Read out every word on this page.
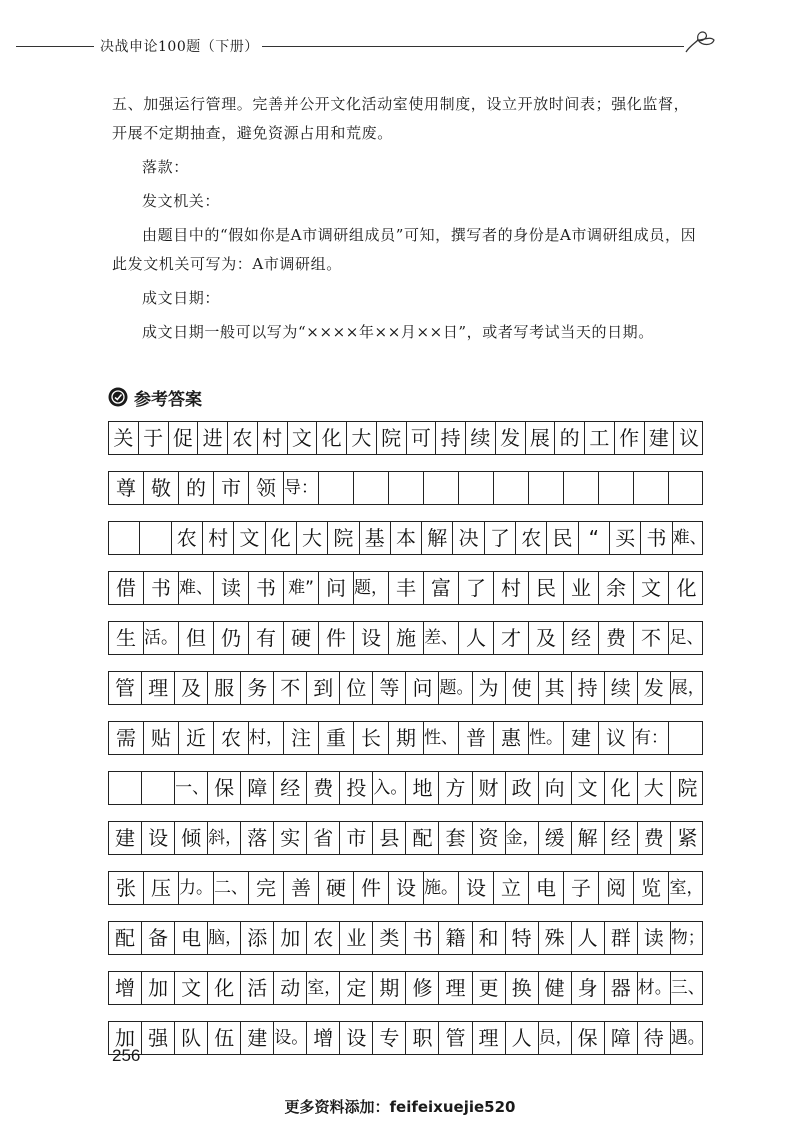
决战申论100题（下册）

五、加强运行管理。完善并公开文化活动室使用制度，设立开放时间表；强化监督，开展不定期抽查，避免资源占用和荒废。

落款：

发文机关：

由题目中的“假如你是A市调研组成员”可知，撰写者的身份是A市调研组成员，因此发文机关可写为：A市调研组。

成文日期：

成文日期一般可以写为“××××年××月××日”，或者写考试当天的日期。

参考答案
关 于 促 进 农 村 文 化 大 院 可 持 续 发 展 的 工 作 建 议
尊 敬 的 市 领 导：
农 村 文 化 大 院 基 本 解 决 了 农 民 “ 买 书 难、
借 书 难、 读 书 难” 问 题， 丰 富 了 村 民 业 余 文 化
生 活。 但 仍 有 硬 件 设 施 差、 人 才 及 经 费 不 足、
管 理 及 服 务 不 到 位 等 问 题。 为 使 其 持 续 发 展，
需 贴 近 农 村， 注 重 长 期 性、 普 惠 性。 建 议 有：
一、 保 障 经 费 投 入。 地 方 财 政 向 文 化 大 院
建 设 倾 斜， 落 实 省 市 县 配 套 资 金， 缓 解 经 费 紧
张 压 力。 二、 完 善 硬 件 设 施。 设 立 电 子 阅 览 室，
配 备 电 脑， 添 加 农 业 类 书 籍 和 特 殊 人 群 读 物；
增 加 文 化 活 动 室， 定 期 修 理 更 换 健 身 器 材。 三、
加 强 队 伍 建 设。 增 设 专 职 管 理 人 员， 保 障 待 遇。
256
更多资料添加：feifeixuejie520
